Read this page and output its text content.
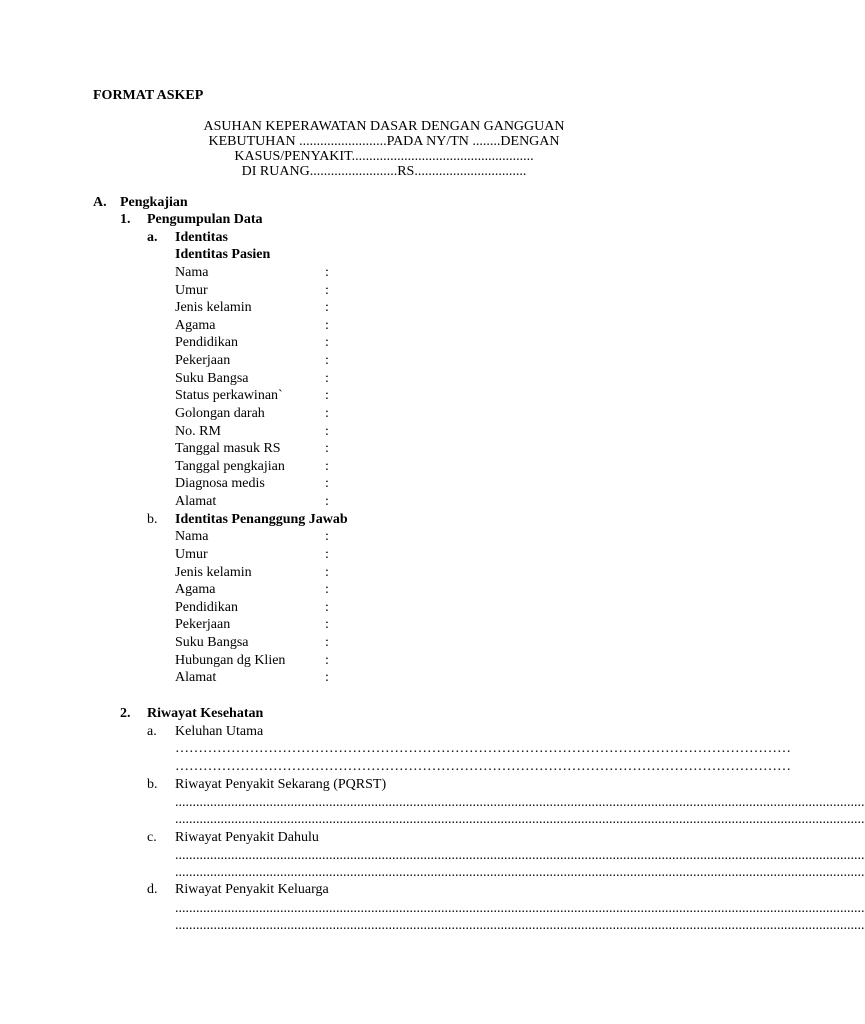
FORMAT ASKEP
ASUHAN KEPERAWATAN DASAR DENGAN GANGGUAN
KEBUTUHAN .........................PADA NY/TN ........DENGAN
KASUS/PENYAKIT....................................................
DI RUANG.........................RS................................
A. Pengkajian
1. Pengumpulan Data
a. Identitas
Identitas Pasien
Nama	:
Umur	:
Jenis kelamin	:
Agama	:
Pendidikan	:
Pekerjaan	:
Suku Bangsa	:
Status perkawinan`	:
Golongan darah	:
No. RM	:
Tanggal masuk RS	:
Tanggal pengkajian	:
Diagnosa medis	:
Alamat	:
b. Identitas Penanggung Jawab
Nama	:
Umur	:
Jenis kelamin	:
Agama	:
Pendidikan	:
Pekerjaan	:
Suku Bangsa	:
Hubungan dg Klien	:
Alamat	:
2. Riwayat Kesehatan
a. Keluhan Utama
……………………………………………………………………………………………………………………
……………………………………………………………………………………………………………………
b. Riwayat Penyakit Sekarang (PQRST)
.....................................................................................................................................................................................................
.....................................................................................................................................................................................................
c. Riwayat Penyakit Dahulu
.....................................................................................................................................................................................................
.....................................................................................................................................................................................................
d. Riwayat Penyakit Keluarga
.....................................................................................................................................................................................................
.....................................................................................................................................................................................................
